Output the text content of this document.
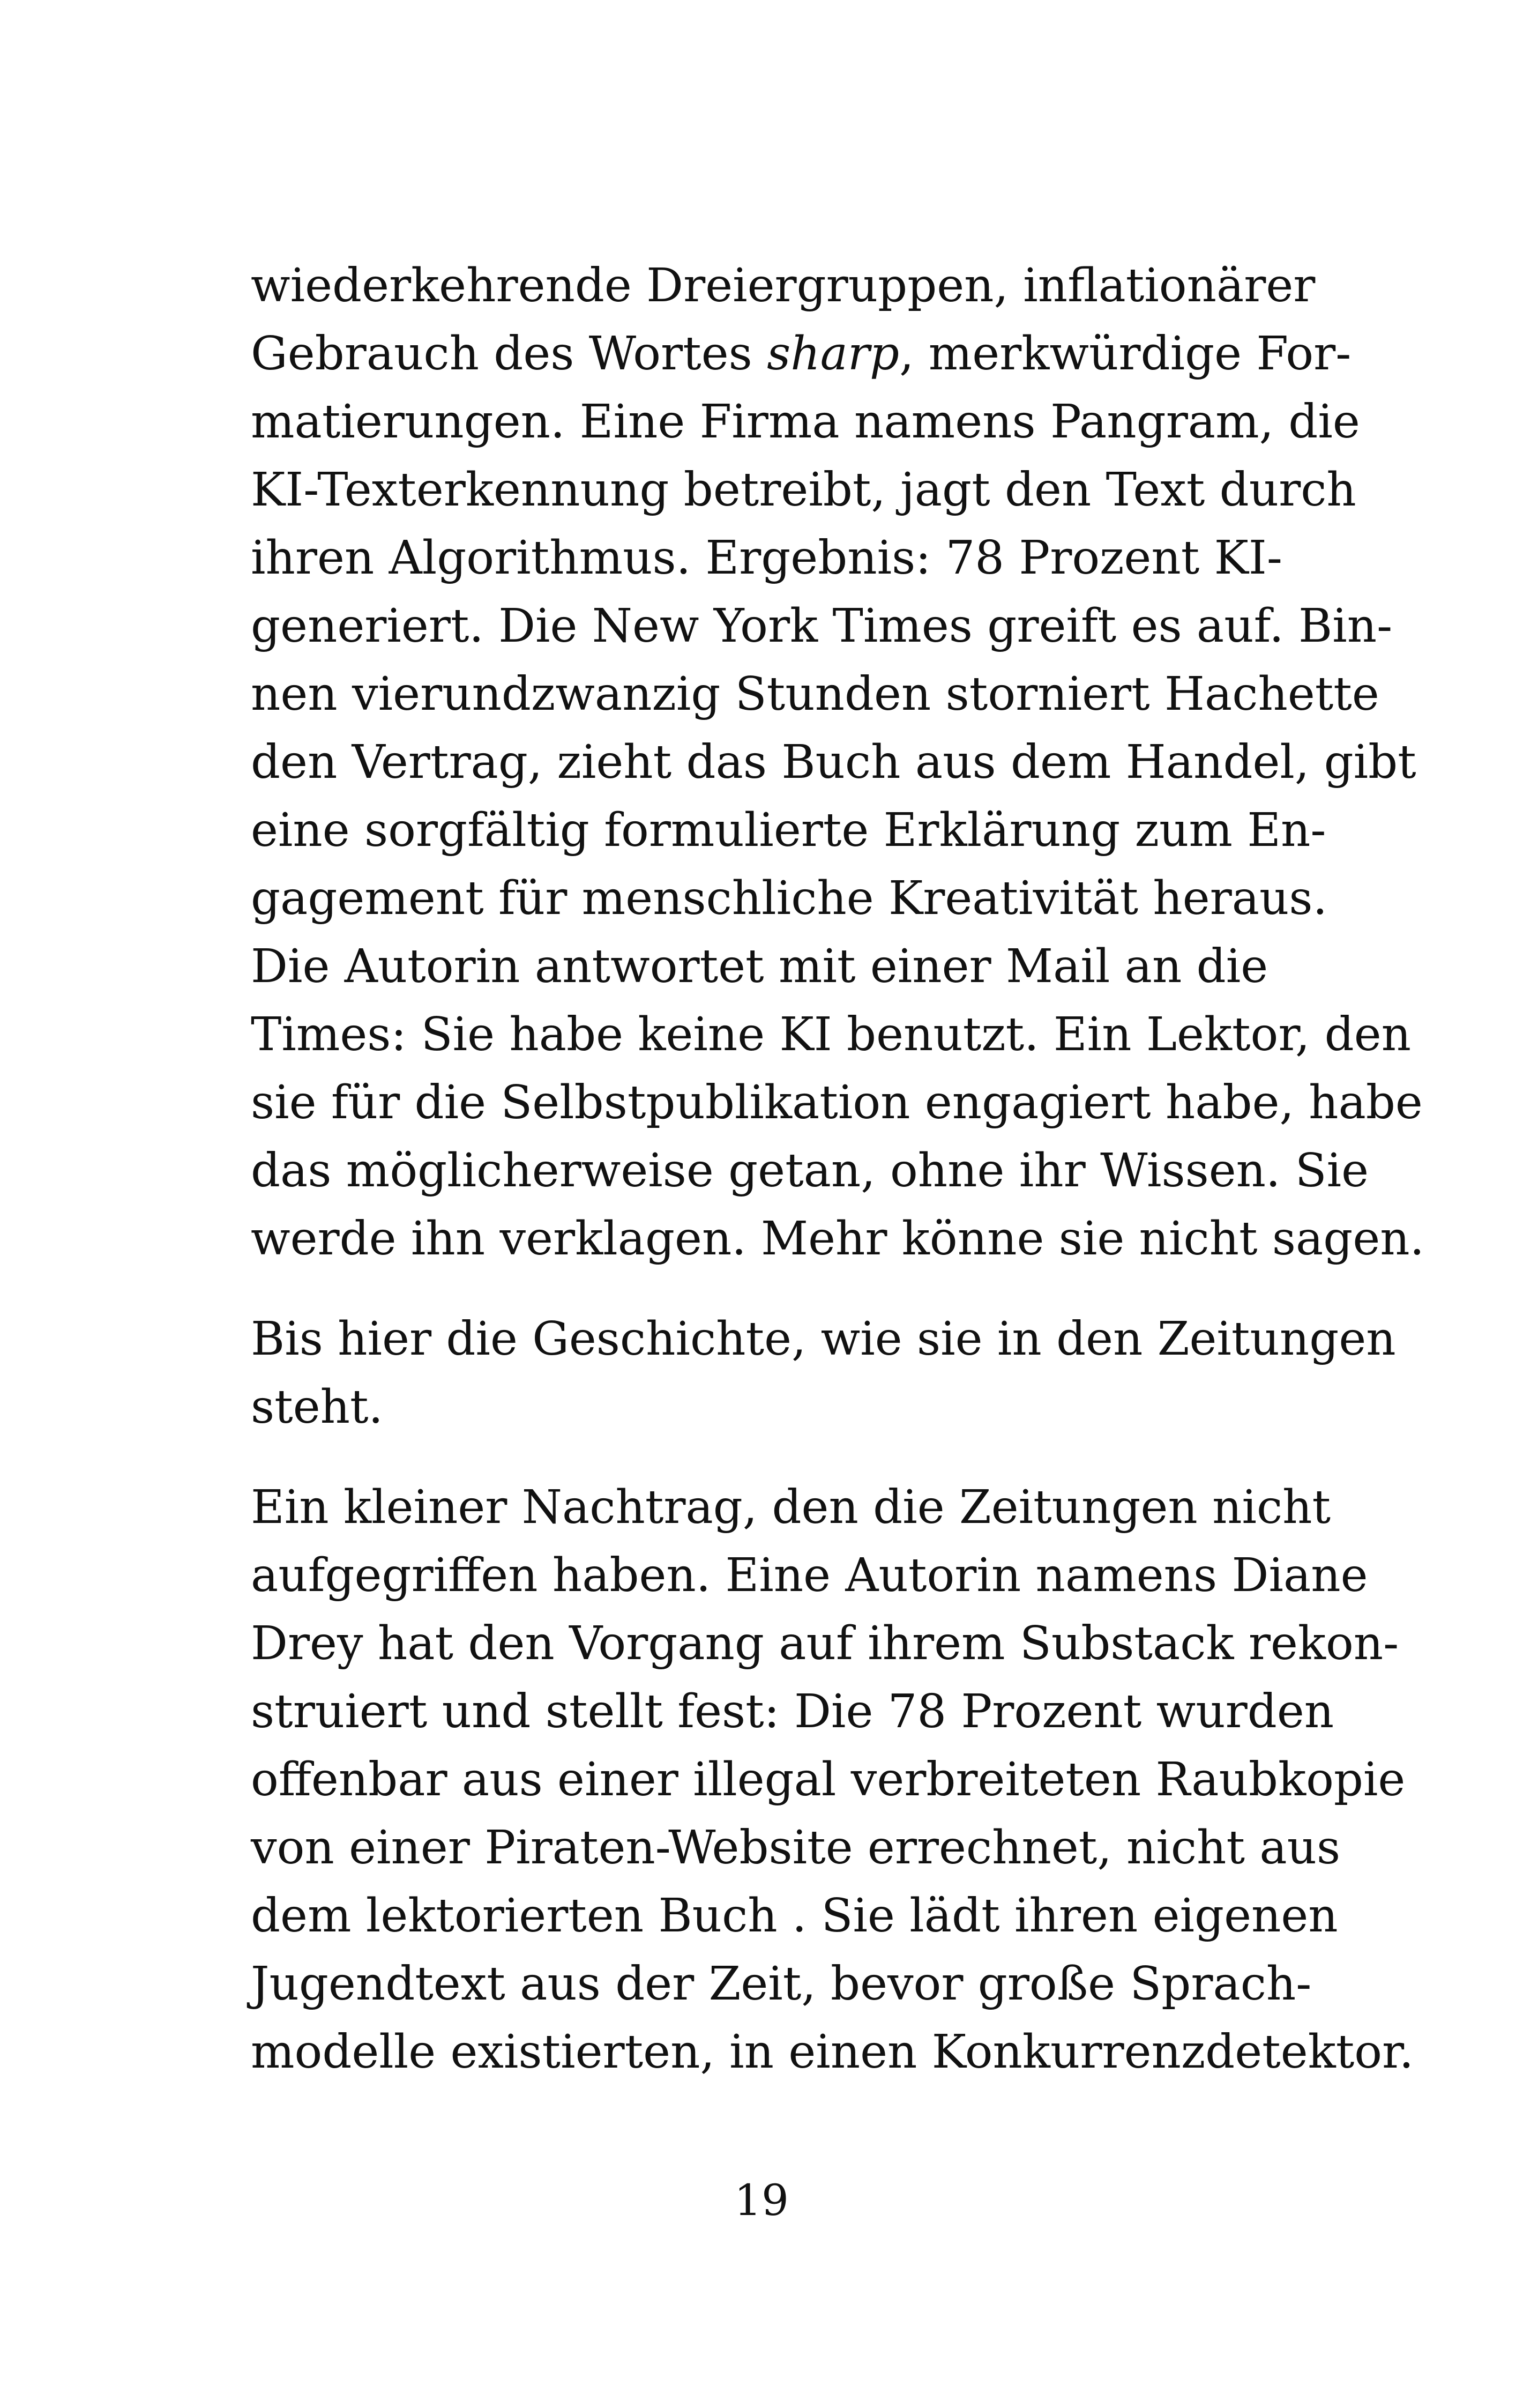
wiederkehrende Dreiergruppen, inflationärer
Gebrauch des Wortes sharp, merkwürdige For-
matierungen. Eine Firma namens Pangram, die
KI-Texterkennung betreibt, jagt den Text durch
ihren Algorithmus. Ergebnis: 78 Prozent KI-
generiert. Die New York Times greift es auf. Bin-
nen vierundzwanzig Stunden storniert Hachette
den Vertrag, zieht das Buch aus dem Handel, gibt
eine sorgfältig formulierte Erklärung zum En-
gagement für menschliche Kreativität heraus.
Die Autorin antwortet mit einer Mail an die
Times: Sie habe keine KI benutzt. Ein Lektor, den
sie für die Selbstpublikation engagiert habe, habe
das möglicherweise getan, ohne ihr Wissen. Sie
werde ihn verklagen. Mehr könne sie nicht sagen.

Bis hier die Geschichte, wie sie in den Zeitungen
steht.

Ein kleiner Nachtrag, den die Zeitungen nicht
aufgegriffen haben. Eine Autorin namens Diane
Drey hat den Vorgang auf ihrem Substack rekon-
struiert und stellt fest: Die 78 Prozent wurden
offenbar aus einer illegal verbreiteten Raubkopie
von einer Piraten-Website errechnet, nicht aus
dem lektorierten Buch . Sie lädt ihren eigenen
Jugendtext aus der Zeit, bevor große Sprach-
modelle existierten, in einen Konkurrenzdetektor.

19
